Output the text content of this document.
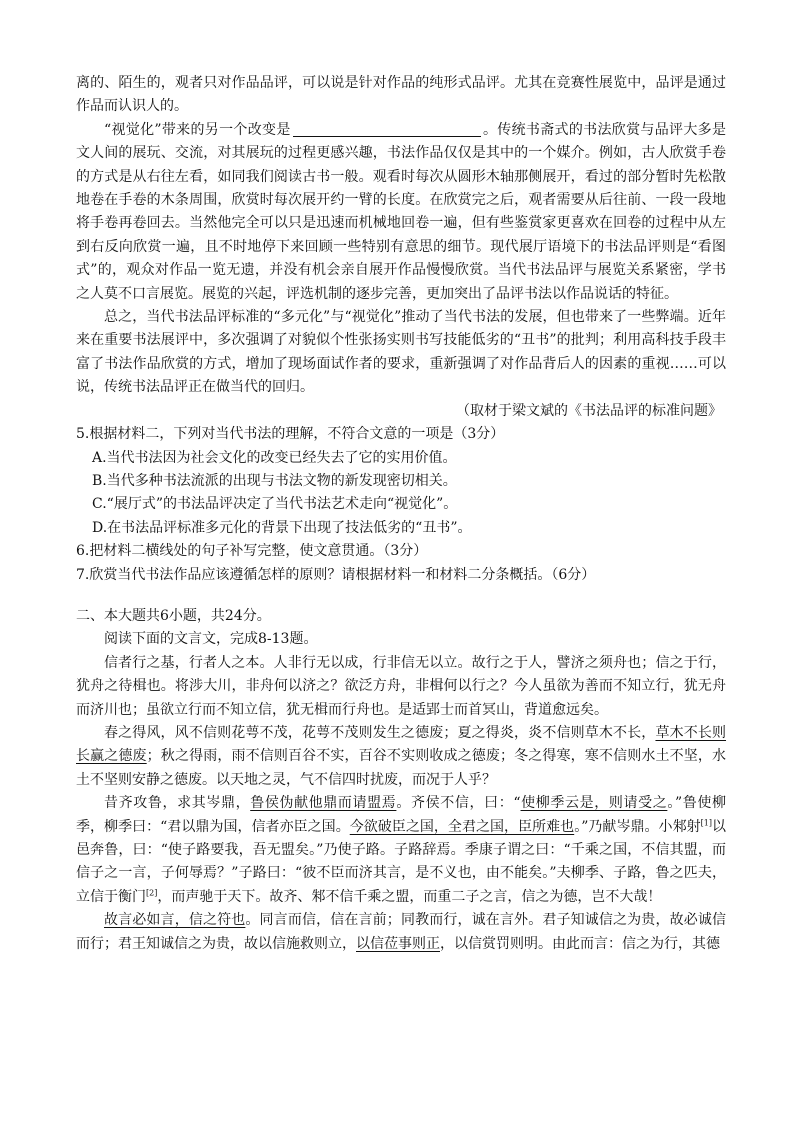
离的、陌生的，观者只对作品品评，可以说是针对作品的纯形式品评。尤其在竞赛性展览中，品评是通过作品而认识人的。

“视觉化”带来的另一个改变是	。传统书斋式的书法欣赏与品评大多是文人间的展玩、交流，对其展玩的过程更感兴趣，书法作品仅仅是其中的一个媒介。例如，古人欣赏手卷的方式是从右往左看，如同我们阅读古书一般。观看时每次从圆形木轴那侧展开，看过的部分暂时先松散地卷在手卷的木条周围，欣赏时每次展开约一臂的长度。在欣赏完之后，观者需要从后往前、一段一段地将手卷再卷回去。当然他完全可以只是迅速而机械地回卷一遍，但有些鉴赏家更喜欢在回卷的过程中从左到右反向欣赏一遍，且不时地停下来回顾一些特别有意思的细节。现代展厅语境下的书法品评则是“看图式”的，观众对作品一览无遗，并没有机会亲自展开作品慢慢欣赏。当代书法品评与展览关系紧密，学书之人莫不口言展览。展览的兴起，评选机制的逐步完善，更加突出了品评书法以作品说话的特征。

总之，当代书法品评标准的“多元化”与“视觉化”推动了当代书法的发展，但也带来了一些弊端。近年来在重要书法展评中，多次强调了对貌似个性张扬实则书写技能低劣的“丑书”的批判；利用高科技手段丰富了书法作品欣赏的方式，增加了现场面试作者的要求，重新强调了对作品背后人的因素的重视……可以说，传统书法品评正在做当代的回归。

（取材于梁文斌的《书法品评的标准问题》

5.根据材料二，下列对当代书法的理解，不符合文意的一项是（3分）

A.当代书法因为社会文化的改变已经失去了它的实用价值。

B.当代多种书法流派的出现与书法文物的新发现密切相关。

C.“展厅式”的书法品评决定了当代书法艺术走向“视觉化”。

D.在书法品评标准多元化的背景下出现了技法低劣的“丑书”。

6.把材料二横线处的句子补写完整，使文意贯通。（3分）

7.欣赏当代书法作品应该遵循怎样的原则？请根据材料一和材料二分条概括。（6分）

二、本大题共6小题，共24分。

阅读下面的文言文，完成8-13题。

信者行之基，行者人之本。人非行无以成，行非信无以立。故行之于人，譬济之须舟也；信之于行，犹舟之待楫也。将涉大川，非舟何以济之？欲泛方舟，非楫何以行之？今人虽欲为善而不知立行，犹无舟而济川也；虽欲立行而不知立信，犹无楫而行舟也。是适郢士而首冥山，背道愈远矣。

春之得风，风不信则花萼不茂，花萼不茂则发生之德废；夏之得炎，炎不信则草木不长，草木不长则长赢之德废；秋之得雨，雨不信则百谷不实，百谷不实则收成之德废；冬之得寒，寒不信则水土不坚，水土不坚则安静之德废。以天地之灵，气不信四时扰废，而况于人乎？

昔齐攻鲁，求其岑鼎，鲁侯伪献他鼎而请盟焉。齐侯不信，曰：“使柳季云是，则请受之。”鲁使柳季，柳季曰：“君以鼎为国，信者亦臣之国。今欲破臣之国，全君之国，臣所难也。”乃献岑鼎。小邾射[1]以邑奔鲁，曰：“使子路要我，吾无盟矣。”乃使子路。子路辞焉。季康子谓之曰：“千乘之国，不信其盟，而信子之一言，子何辱焉？”子路曰：“彼不臣而济其言，是不义也，由不能矣。”夫柳季、子路，鲁之匹夫，立信于衡门[2]，而声驰于天下。故齐、邾不信千乘之盟，而重二子之言，信之为德，岂不大哉！

故言必如言，信之符也。同言而信，信在言前；同教而行，诚在言外。君子知诚信之为贵，故必诚信而行；君王知诚信之为贵，故以信施救则立，以信莅事则正，以信赏罚则明。由此而言：信之为行，其德
